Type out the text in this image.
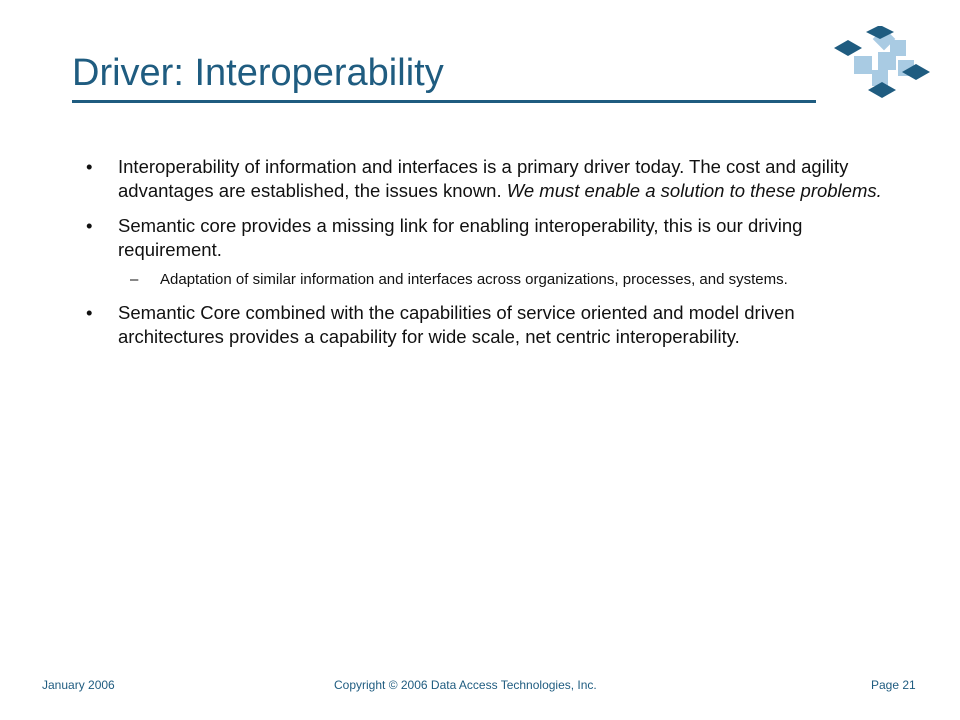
Driver: Interoperability
• Interoperability of information and interfaces is a primary driver today. The cost and agility advantages are established, the issues known. We must enable a solution to these problems.
• Semantic core provides a missing link for enabling interoperability, this is our driving requirement.
– Adaptation of similar information and interfaces across organizations, processes, and systems.
• Semantic Core combined with the capabilities of service oriented and model driven architectures provides a capability for wide scale, net centric interoperability.
January 2006	Copyright © 2006 Data Access Technologies, Inc.	Page 21
